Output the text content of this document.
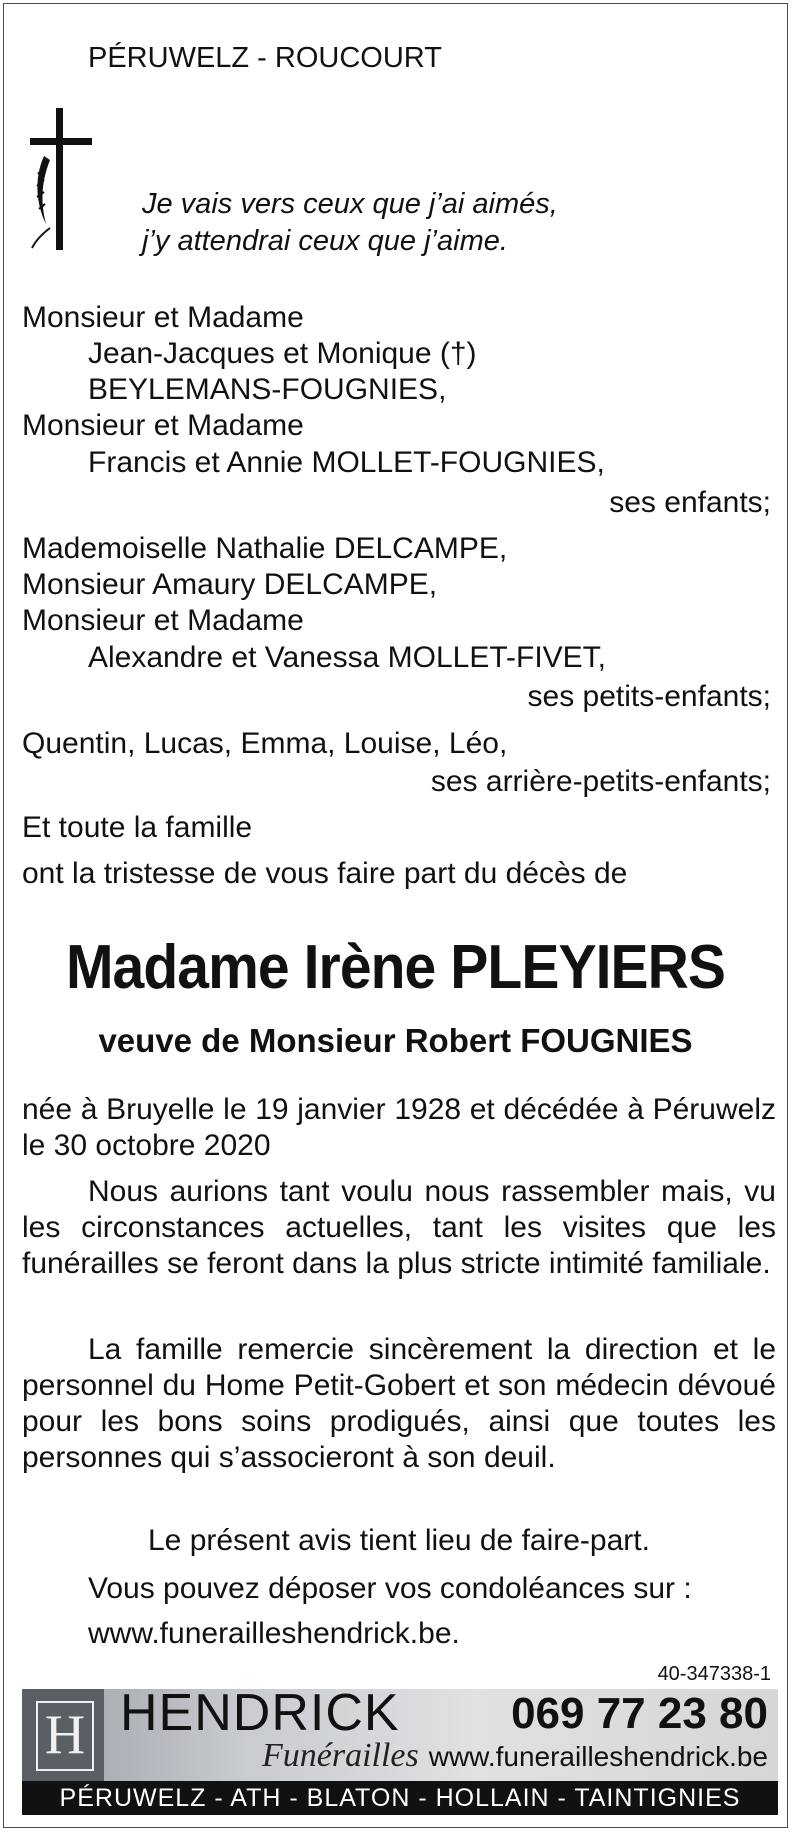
PÉRUWELZ - ROUCOURT
Je vais vers ceux que j’ai aimés,
j’y attendrai ceux que j’aime.
Monsieur et Madame
Jean-Jacques et Monique (†)
BEYLEMANS-FOUGNIES,
Monsieur et Madame
Francis et Annie MOLLET-FOUGNIES,
ses enfants;
Mademoiselle Nathalie DELCAMPE,
Monsieur Amaury DELCAMPE,
Monsieur et Madame
Alexandre et Vanessa MOLLET-FIVET,
ses petits-enfants;
Quentin, Lucas, Emma, Louise, Léo,
ses arrière-petits-enfants;
Et toute la famille
ont la tristesse de vous faire part du décès de
Madame Irène PLEYIERS
veuve de Monsieur Robert FOUGNIES
née à Bruyelle le 19 janvier 1928 et décédée à Péruwelz le 30 octobre 2020
Nous aurions tant voulu nous rassembler mais, vu les circonstances actuelles, tant les visites que les funérailles se feront dans la plus stricte intimité familiale.
La famille remercie sincèrement la direction et le personnel du Home Petit-Gobert et son médecin dévoué pour les bons soins prodigués, ainsi que toutes les personnes qui s’associeront à son deuil.
Le présent avis tient lieu de faire-part.
Vous pouvez déposer vos condoléances sur :
www.funerailleshendrick.be.
40-347338-1
H HENDRICK
Funérailles
069 77 23 80
www.funerailleshendrick.be
PÉRUWELZ - ATH - BLATON - HOLLAIN - TAINTIGNIES
